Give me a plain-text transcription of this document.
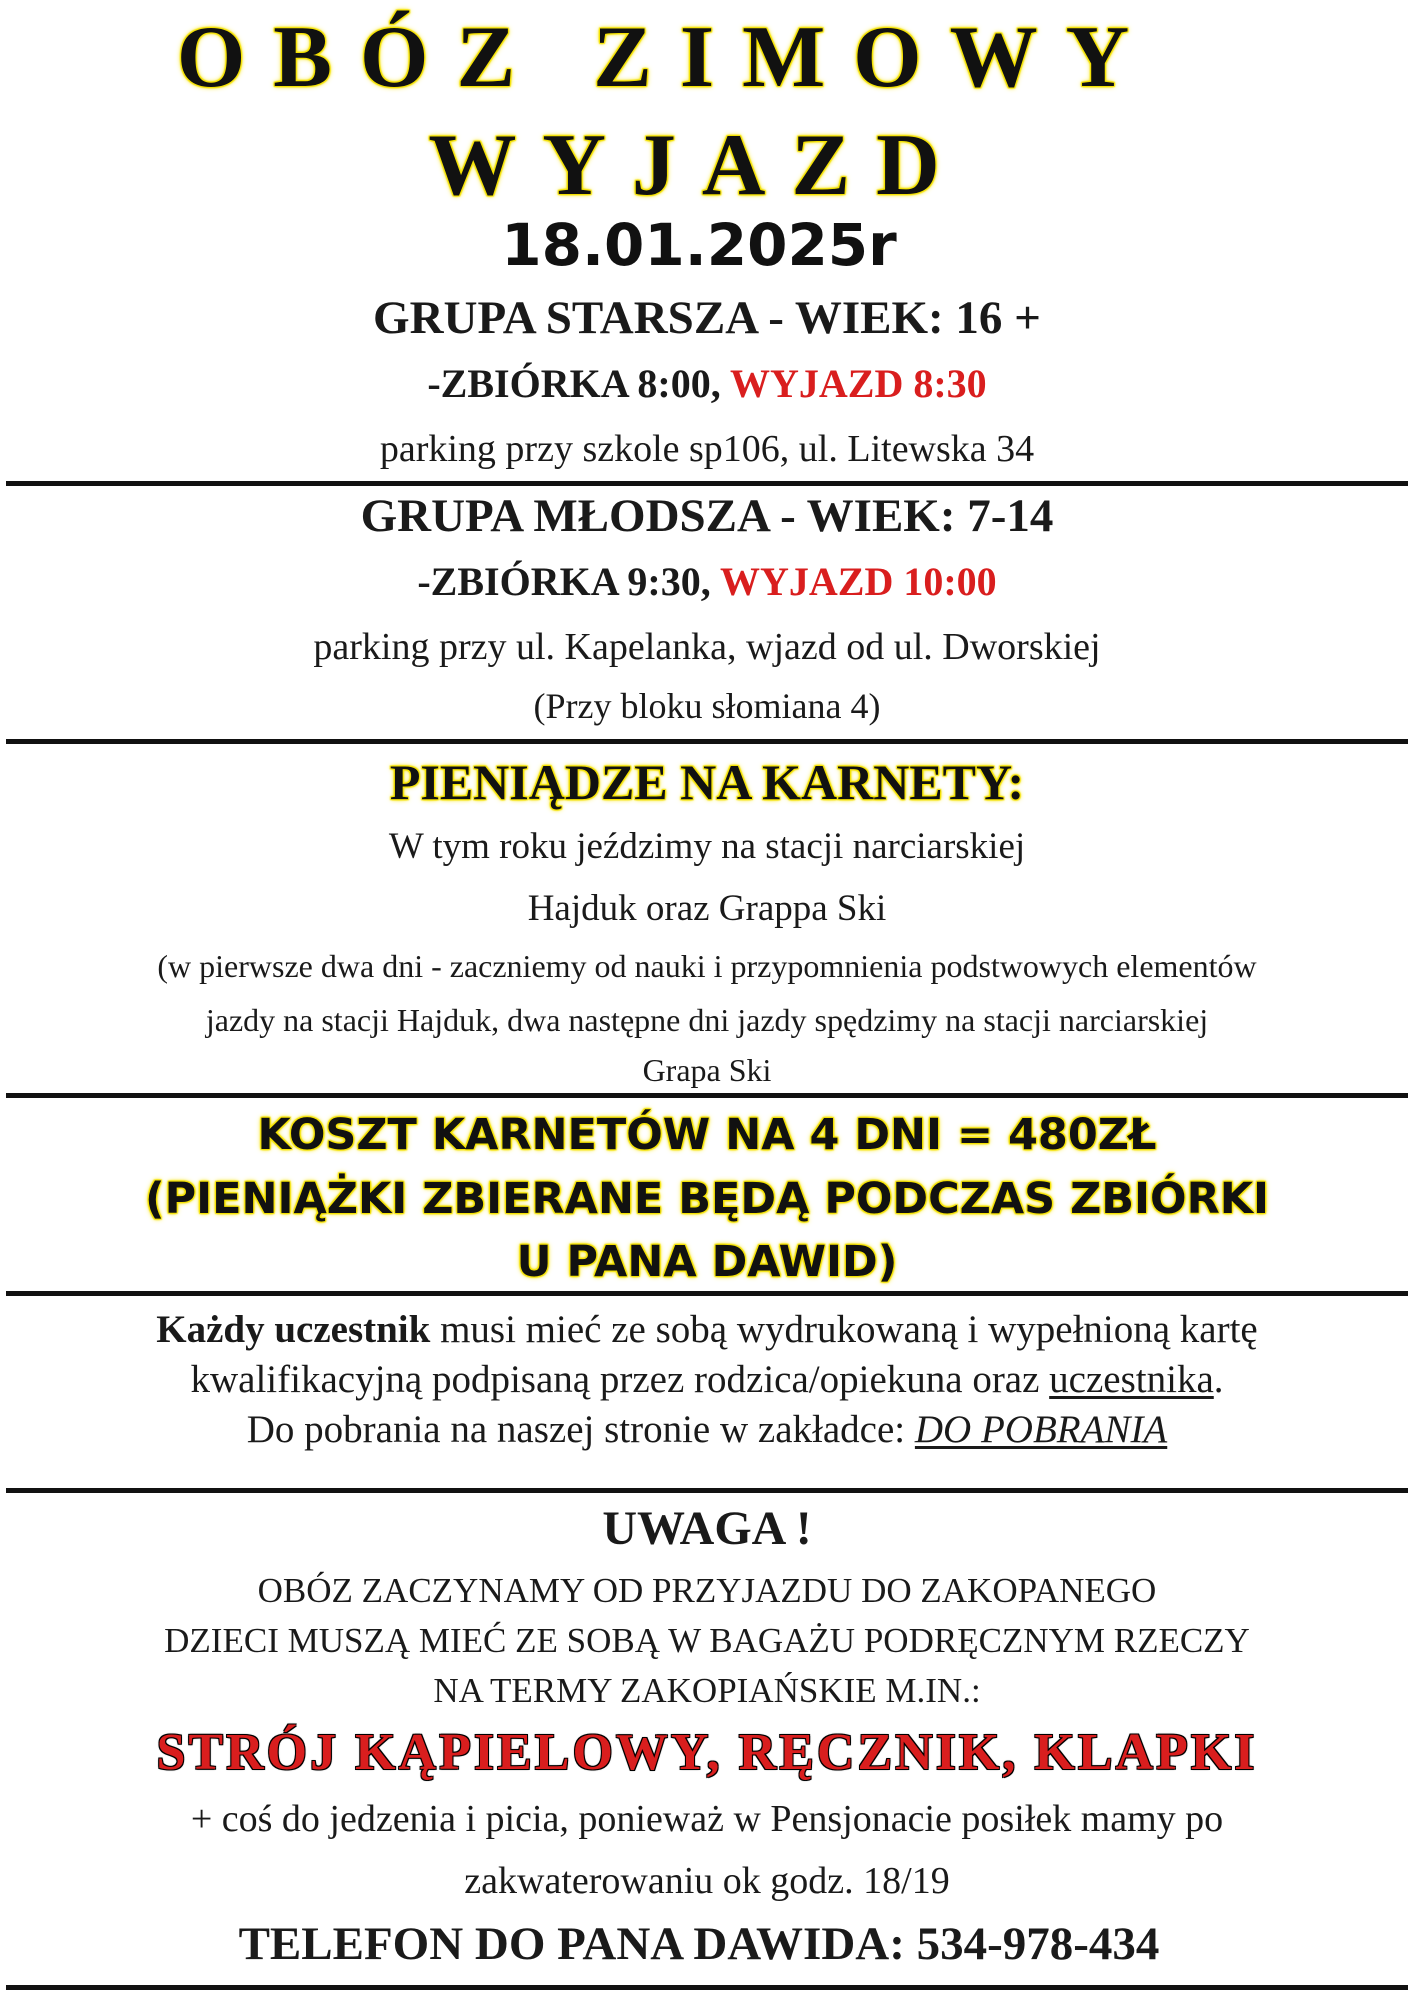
OBÓZ ZIMOWY
WYJAZD
18.01.2025r
GRUPA STARSZA - WIEK: 16 +
-ZBIÓRKA 8:00, WYJAZD 8:30
parking przy szkole sp106, ul. Litewska 34
GRUPA MŁODSZA - WIEK: 7-14
-ZBIÓRKA 9:30, WYJAZD 10:00
parking przy ul. Kapelanka, wjazd od ul. Dworskiej
(Przy bloku słomiana 4)
PIENIĄDZE NA KARNETY:
W tym roku jeździmy na stacji narciarskiej
Hajduk oraz Grappa Ski
(w pierwsze dwa dni - zaczniemy od nauki i przypomnienia podstwowych elementów
jazdy na stacji Hajduk, dwa następne dni jazdy spędzimy na stacji narciarskiej
Grapa Ski
KOSZT KARNETÓW NA 4 DNI = 480ZŁ
(PIENIĄŻKI ZBIERANE BĘDĄ PODCZAS ZBIÓRKI
U PANA DAWID)
Każdy uczestnik musi mieć ze sobą wydrukowaną i wypełnioną kartę
kwalifikacyjną podpisaną przez rodzica/opiekuna oraz uczestnika.
Do pobrania na naszej stronie w zakładce: DO POBRANIA
UWAGA !
OBÓZ ZACZYNAMY OD PRZYJAZDU DO ZAKOPANEGO
DZIECI MUSZĄ MIEĆ ZE SOBĄ W BAGAŻU PODRĘCZNYM RZECZY
NA TERMY ZAKOPIAŃSKIE M.IN.:
STRÓJ KĄPIELOWY, RĘCZNIK, KLAPKI
+ coś do jedzenia i picia, ponieważ w Pensjonacie posiłek mamy po
zakwaterowaniu ok godz. 18/19
TELEFON DO PANA DAWIDA: 534-978-434
